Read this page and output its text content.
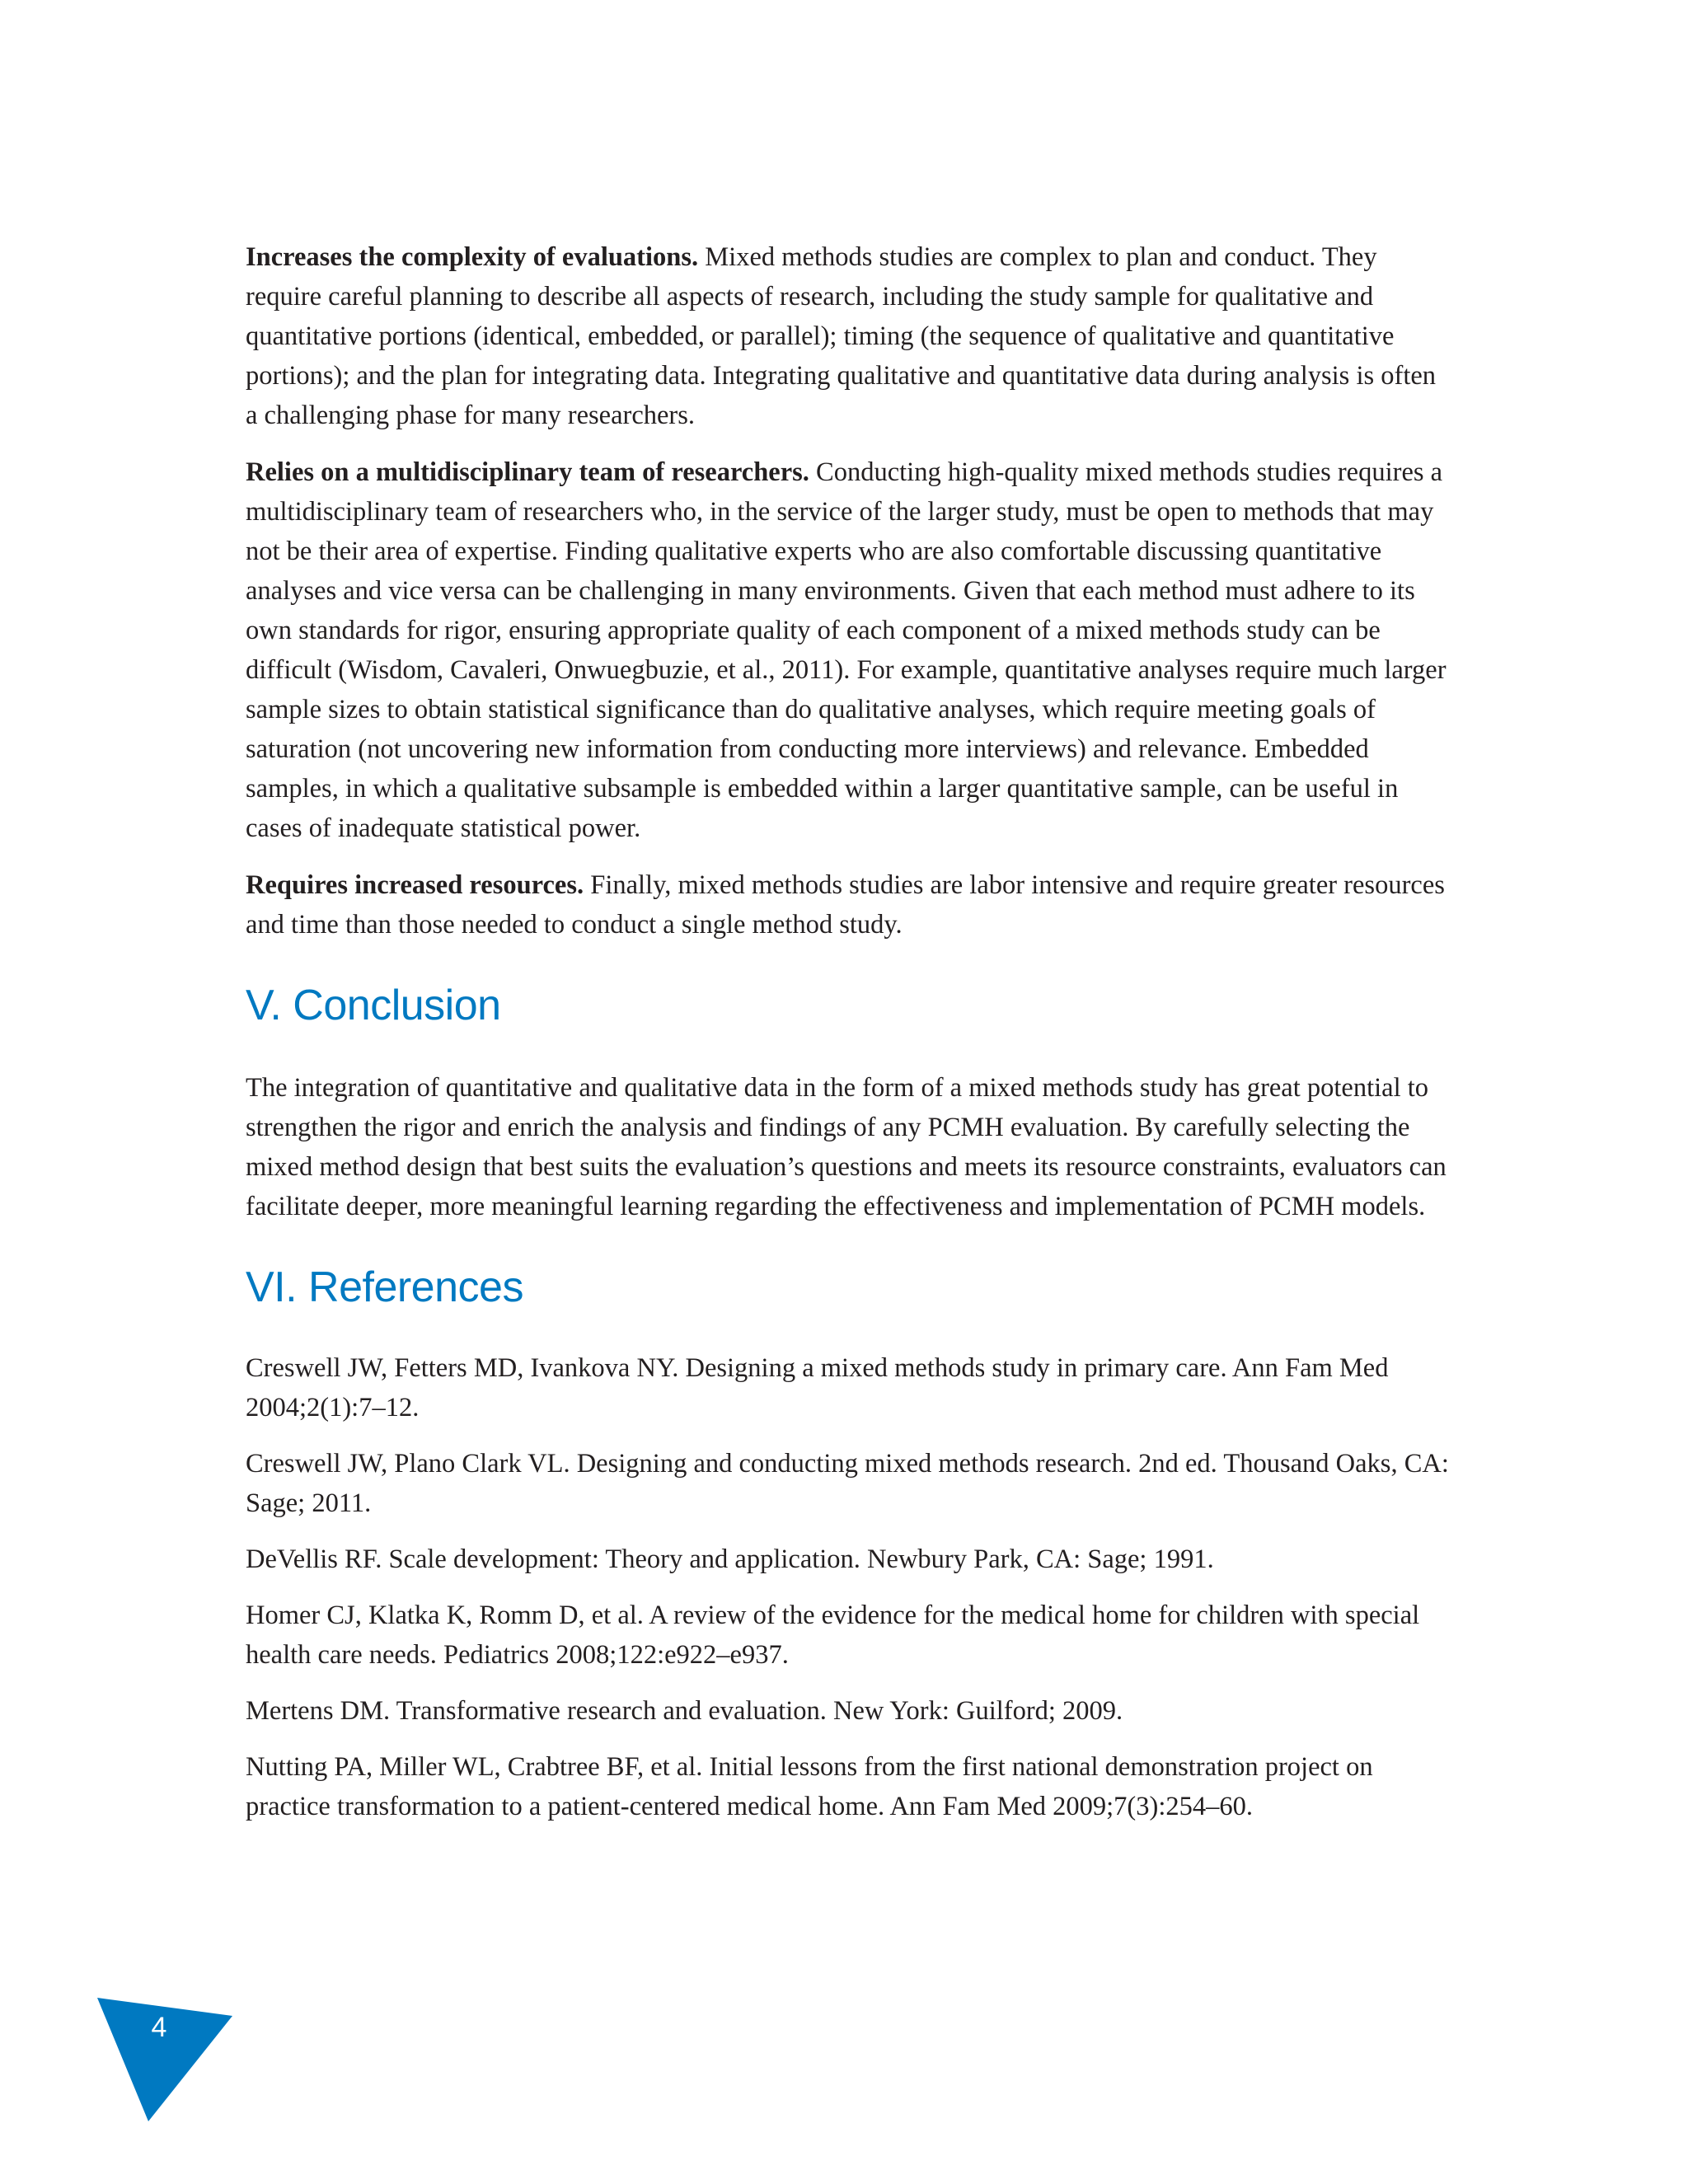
Increases the complexity of evaluations. Mixed methods studies are complex to plan and conduct. They require careful planning to describe all aspects of research, including the study sample for qualitative and quantitative portions (identical, embedded, or parallel); timing (the sequence of qualitative and quantitative portions); and the plan for integrating data. Integrating qualitative and quantitative data during analysis is often a challenging phase for many researchers.

Relies on a multidisciplinary team of researchers. Conducting high-quality mixed methods studies requires a multidisciplinary team of researchers who, in the service of the larger study, must be open to methods that may not be their area of expertise. Finding qualitative experts who are also comfortable discussing quantitative analyses and vice versa can be challenging in many environments. Given that each method must adhere to its own standards for rigor, ensuring appropriate quality of each component of a mixed methods study can be difficult (Wisdom, Cavaleri, Onwuegbuzie, et al., 2011). For example, quantitative analyses require much larger sample sizes to obtain statistical significance than do qualitative analyses, which require meeting goals of saturation (not uncovering new information from conducting more interviews) and relevance. Embedded samples, in which a qualitative subsample is embedded within a larger quantitative sample, can be useful in cases of inadequate statistical power.

Requires increased resources. Finally, mixed methods studies are labor intensive and require greater resources and time than those needed to conduct a single method study.

V. Conclusion

The integration of quantitative and qualitative data in the form of a mixed methods study has great potential to strengthen the rigor and enrich the analysis and findings of any PCMH evaluation. By carefully selecting the mixed method design that best suits the evaluation’s questions and meets its resource constraints, evaluators can facilitate deeper, more meaningful learning regarding the effectiveness and implementation of PCMH models.

VI. References

Creswell JW, Fetters MD, Ivankova NY. Designing a mixed methods study in primary care. Ann Fam Med 2004;2(1):7–12.

Creswell JW, Plano Clark VL. Designing and conducting mixed methods research. 2nd ed. Thousand Oaks, CA: Sage; 2011.

DeVellis RF. Scale development: Theory and application. Newbury Park, CA: Sage; 1991.

Homer CJ, Klatka K, Romm D, et al. A review of the evidence for the medical home for children with special health care needs. Pediatrics 2008;122:e922–e937.

Mertens DM. Transformative research and evaluation. New York: Guilford; 2009.

Nutting PA, Miller WL, Crabtree BF, et al. Initial lessons from the first national demonstration project on practice transformation to a patient-centered medical home. Ann Fam Med 2009;7(3):254–60.

4
